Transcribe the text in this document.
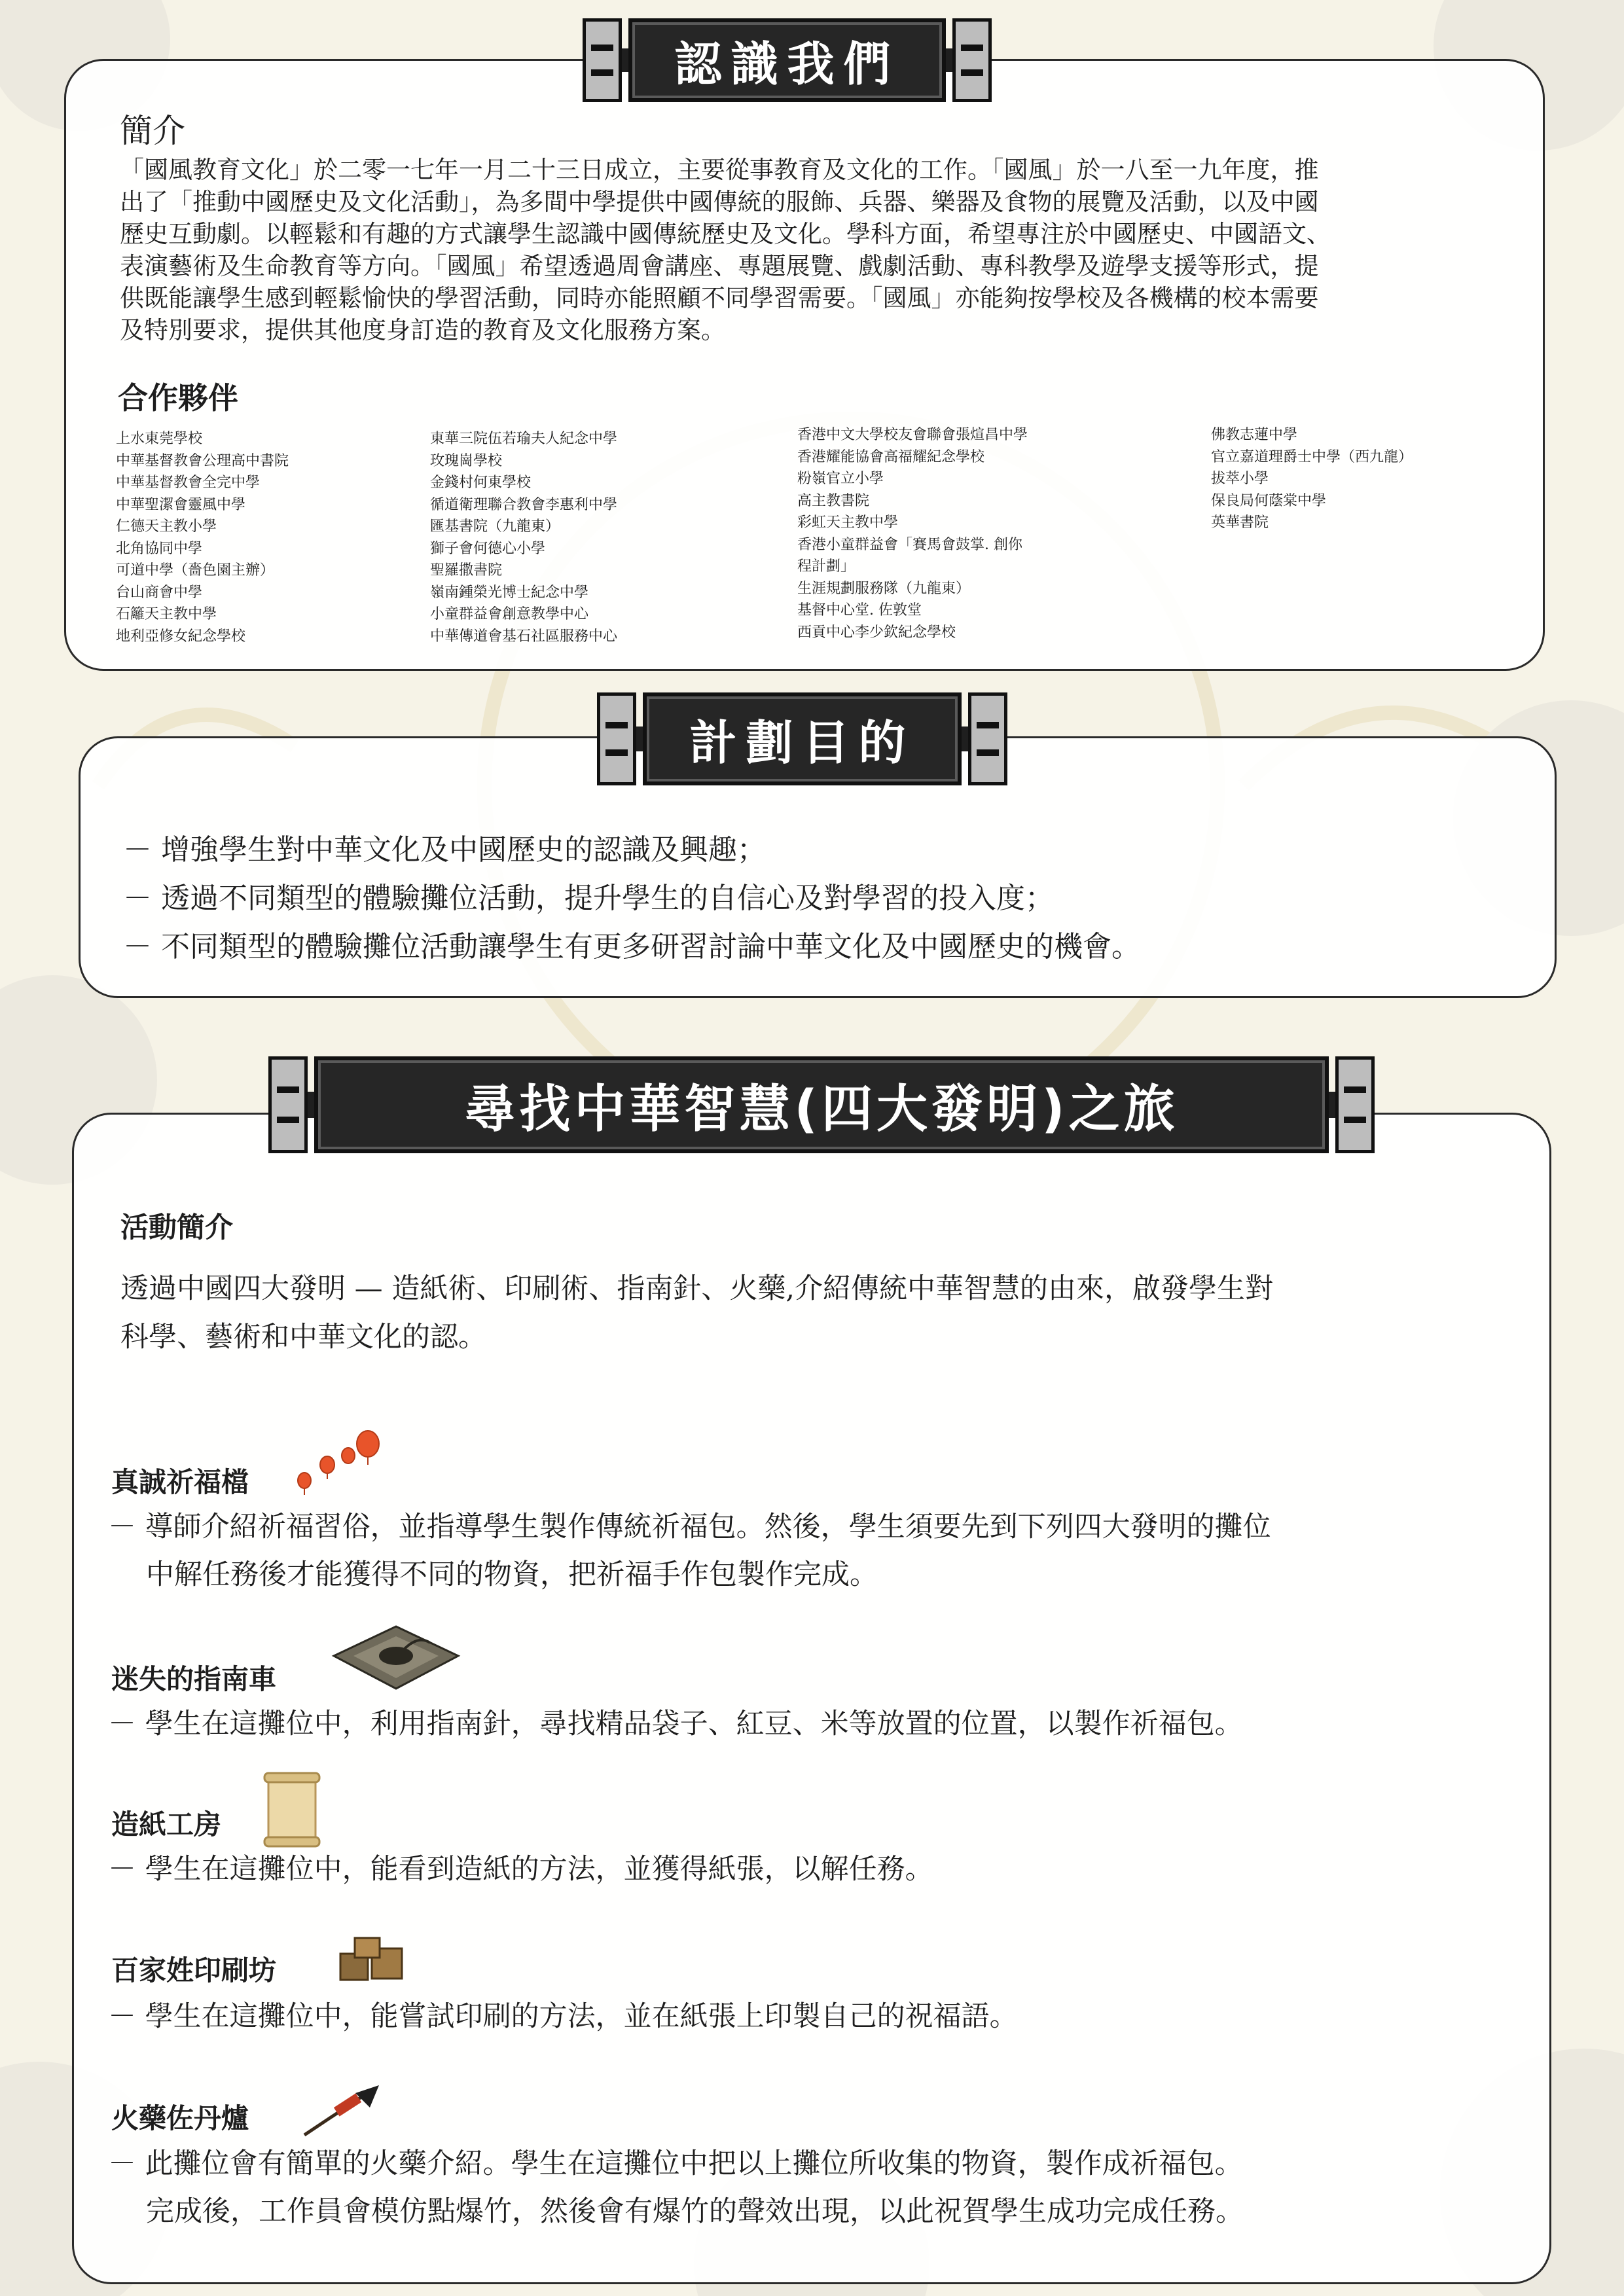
認識我們
簡介
「國風教育文化」於二零一七年一月二十三日成立，主要從事教育及文化的工作。「國風」於一八至一九年度，推
出了「推動中國歷史及文化活動」，為多間中學提供中國傳統的服飾、兵器、樂器及食物的展覽及活動，以及中國
歷史互動劇。以輕鬆和有趣的方式讓學生認識中國傳統歷史及文化。學科方面，希望專注於中國歷史、中國語文、
表演藝術及生命教育等方向。「國風」希望透過周會講座、專題展覽、戲劇活動、專科教學及遊學支援等形式，提
供既能讓學生感到輕鬆愉快的學習活動，同時亦能照顧不同學習需要。「國風」亦能夠按學校及各機構的校本需要
及特別要求，提供其他度身訂造的教育及文化服務方案。
合作夥伴
上水東莞學校
中華基督教會公理高中書院
中華基督教會全完中學
中華聖潔會靈風中學
仁德天主教小學
北角協同中學
可道中學（嗇色園主辦）
台山商會中學
石籬天主教中學
地利亞修女紀念學校
東華三院伍若瑜夫人紀念中學
玫瑰崗學校
金錢村何東學校
循道衛理聯合教會李惠利中學
匯基書院（九龍東）
獅子會何德心小學
聖羅撒書院
嶺南鍾榮光博士紀念中學
小童群益會創意教學中心
中華傳道會基石社區服務中心
香港中文大學校友會聯會張煊昌中學
香港耀能協會高福耀紀念學校
粉嶺官立小學
高主教書院
彩虹天主教中學
香港小童群益會「賽馬會鼓掌. 創你
程計劃」
生涯規劃服務隊（九龍東）
基督中心堂. 佐敦堂
西貢中心李少欽紀念學校
佛教志蓮中學
官立嘉道理爵士中學（西九龍）
拔萃小學
保良局何蔭棠中學
英華書院
計劃目的
－ 增強學生對中華文化及中國歷史的認識及興趣；
－ 透過不同類型的體驗攤位活動，提升學生的自信心及對學習的投入度；
－ 不同類型的體驗攤位活動讓學生有更多研習討論中華文化及中國歷史的機會。
尋找中華智慧(四大發明)之旅
活動簡介
透過中國四大發明 — 造紙術、印刷術、指南針、火藥,介紹傳統中華智慧的由來，啟發學生對
科學、藝術和中華文化的認。
真誠祈福檔
－ 導師介紹祈福習俗，並指導學生製作傳統祈福包。然後，學生須要先到下列四大發明的攤位
中解任務後才能獲得不同的物資，把祈福手作包製作完成。
迷失的指南車
－ 學生在這攤位中，利用指南針，尋找精品袋子、紅豆、米等放置的位置，以製作祈福包。
造紙工房
－ 學生在這攤位中，能看到造紙的方法，並獲得紙張，以解任務。
百家姓印刷坊
－ 學生在這攤位中，能嘗試印刷的方法，並在紙張上印製自己的祝福語。
火藥佐丹爐
－ 此攤位會有簡單的火藥介紹。學生在這攤位中把以上攤位所收集的物資，製作成祈福包。
完成後，工作員會模仿點爆竹，然後會有爆竹的聲效出現，以此祝賀學生成功完成任務。
